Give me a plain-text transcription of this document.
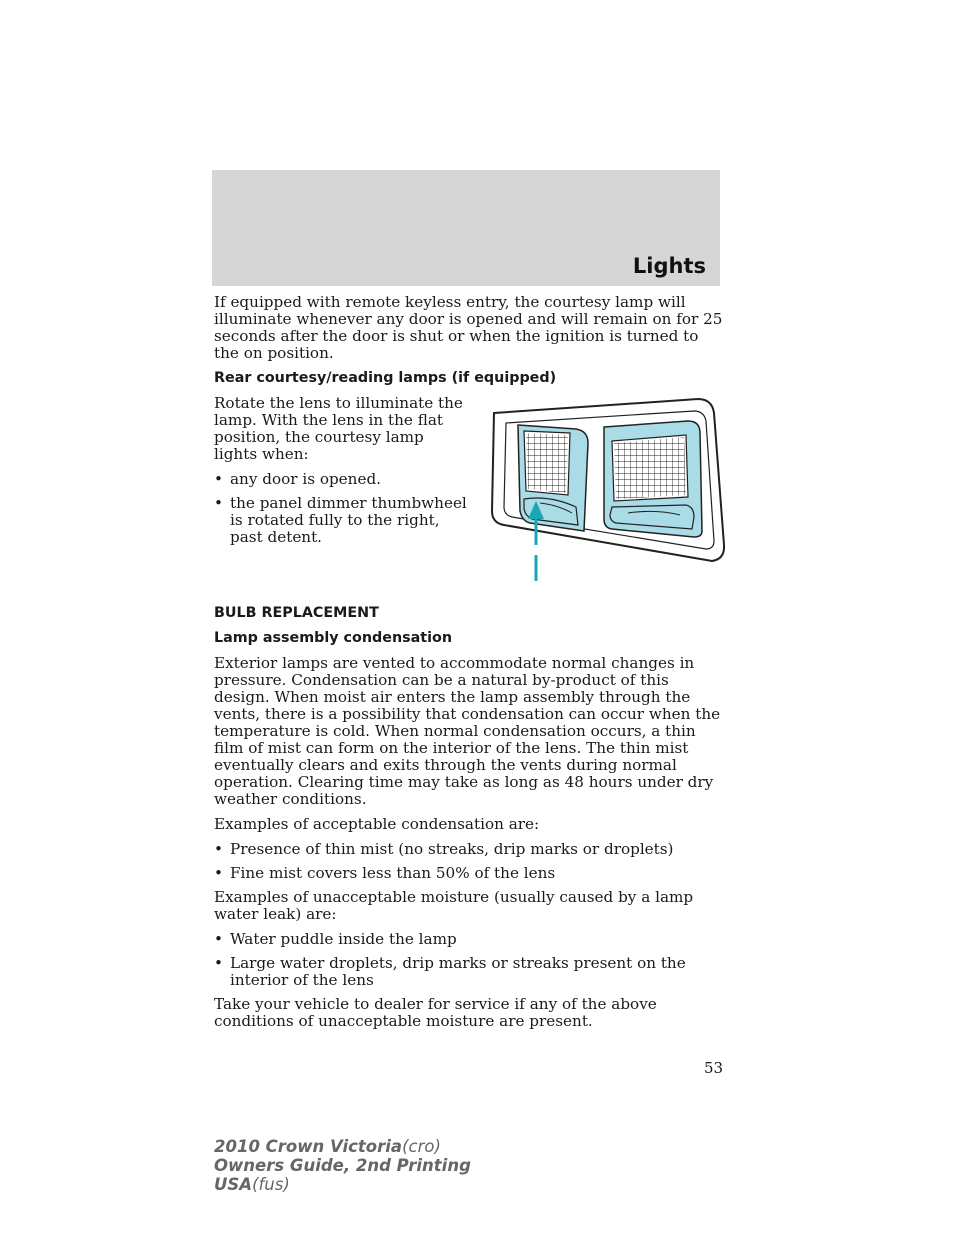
Lights

If equipped with remote keyless entry, the courtesy lamp will illuminate whenever any door is opened and will remain on for 25 seconds after the door is shut or when the ignition is turned to the on position.

Rear courtesy/reading lamps (if equipped)

Rotate the lens to illuminate the lamp. With the lens in the flat position, the courtesy lamp lights when:

• any door is opened.
• the panel dimmer thumbwheel is rotated fully to the right, past detent.
BULB REPLACEMENT
Lamp assembly condensation

Exterior lamps are vented to accommodate normal changes in pressure. Condensation can be a natural by-product of this design. When moist air enters the lamp assembly through the vents, there is a possibility that condensation can occur when the temperature is cold. When normal condensation occurs, a thin film of mist can form on the interior of the lens. The thin mist eventually clears and exits through the vents during normal operation. Clearing time may take as long as 48 hours under dry weather conditions.

Examples of acceptable condensation are:

• Presence of thin mist (no streaks, drip marks or droplets)
• Fine mist covers less than 50% of the lens

Examples of unacceptable moisture (usually caused by a lamp water leak) are:

• Water puddle inside the lamp
• Large water droplets, drip marks or streaks present on the interior of the lens

Take your vehicle to dealer for service if any of the above conditions of unacceptable moisture are present.

53
2010 Crown Victoria(cro)
Owners Guide, 2nd Printing
USA(fus)
